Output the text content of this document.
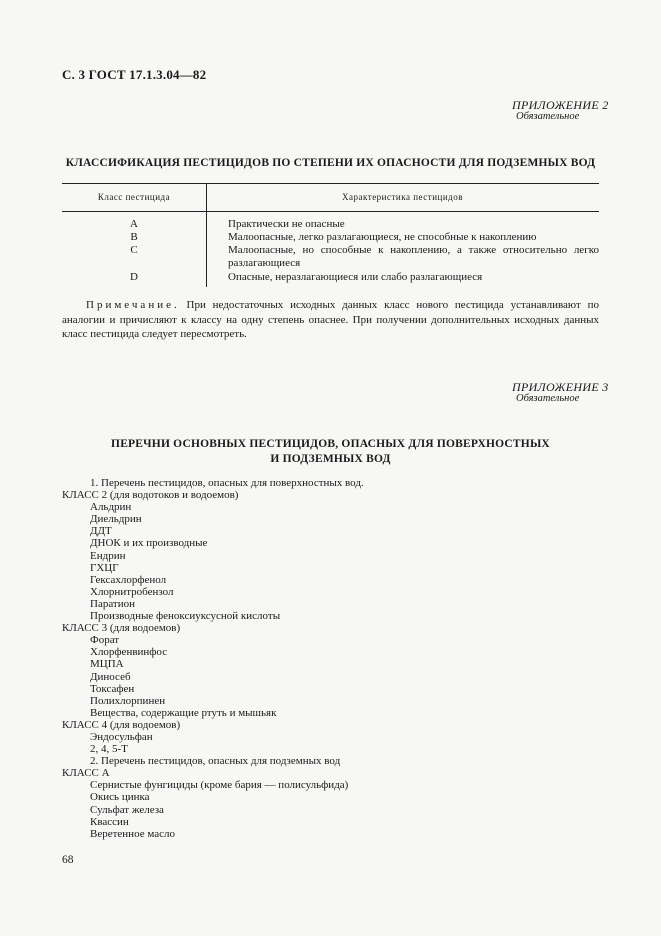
С. 3 ГОСТ 17.1.3.04—82
ПРИЛОЖЕНИЕ 2
Обязательное
КЛАССИФИКАЦИЯ ПЕСТИЦИДОВ ПО СТЕПЕНИ ИХ ОПАСНОСТИ ДЛЯ ПОДЗЕМНЫХ ВОД
Класс пестицида	Характеристика пестицидов
A	Практически не опасные
B	Малоопасные, легко разлагающиеся, не способные к накоплению
C	Малоопасные, но способные к накоплению, а также относительно легко
разлагающиеся
D	Опасные, неразлагающиеся или слабо разлагающиеся
Примечание. При недостаточных исходных данных класс нового пестицида устанавливают по аналогии и причисляют к классу на одну степень опаснее. При получении дополнительных исходных данных класс пестицида следует пересмотреть.
ПРИЛОЖЕНИЕ 3
Обязательное
ПЕРЕЧНИ ОСНОВНЫХ ПЕСТИЦИДОВ, ОПАСНЫХ ДЛЯ ПОВЕРХНОСТНЫХ
И ПОДЗЕМНЫХ ВОД
1. Перечень пестицидов, опасных для поверхностных вод.
КЛАСС 2 (для водотоков и водоемов)
Альдрин
Диельдрин
ДДТ
ДНОК и их производные
Ендрин
ГХЦГ
Гексахлорфенол
Хлорнитробензол
Паратион
Производные феноксиуксусной кислоты
КЛАСС 3 (для водоемов)
Форат
Хлорфенвинфос
МЦПА
Диносеб
Токсафен
Полихлорпинен
Вещества, содержащие ртуть и мышьяк
КЛАСС 4 (для водоемов)
Эндосульфан
2, 4, 5-T
2. Перечень пестицидов, опасных для подземных вод
КЛАСС А
Сернистые фунгициды (кроме бария — полисульфида)
Окись цинка
Сульфат железа
Квассин
Веретенное масло
68
